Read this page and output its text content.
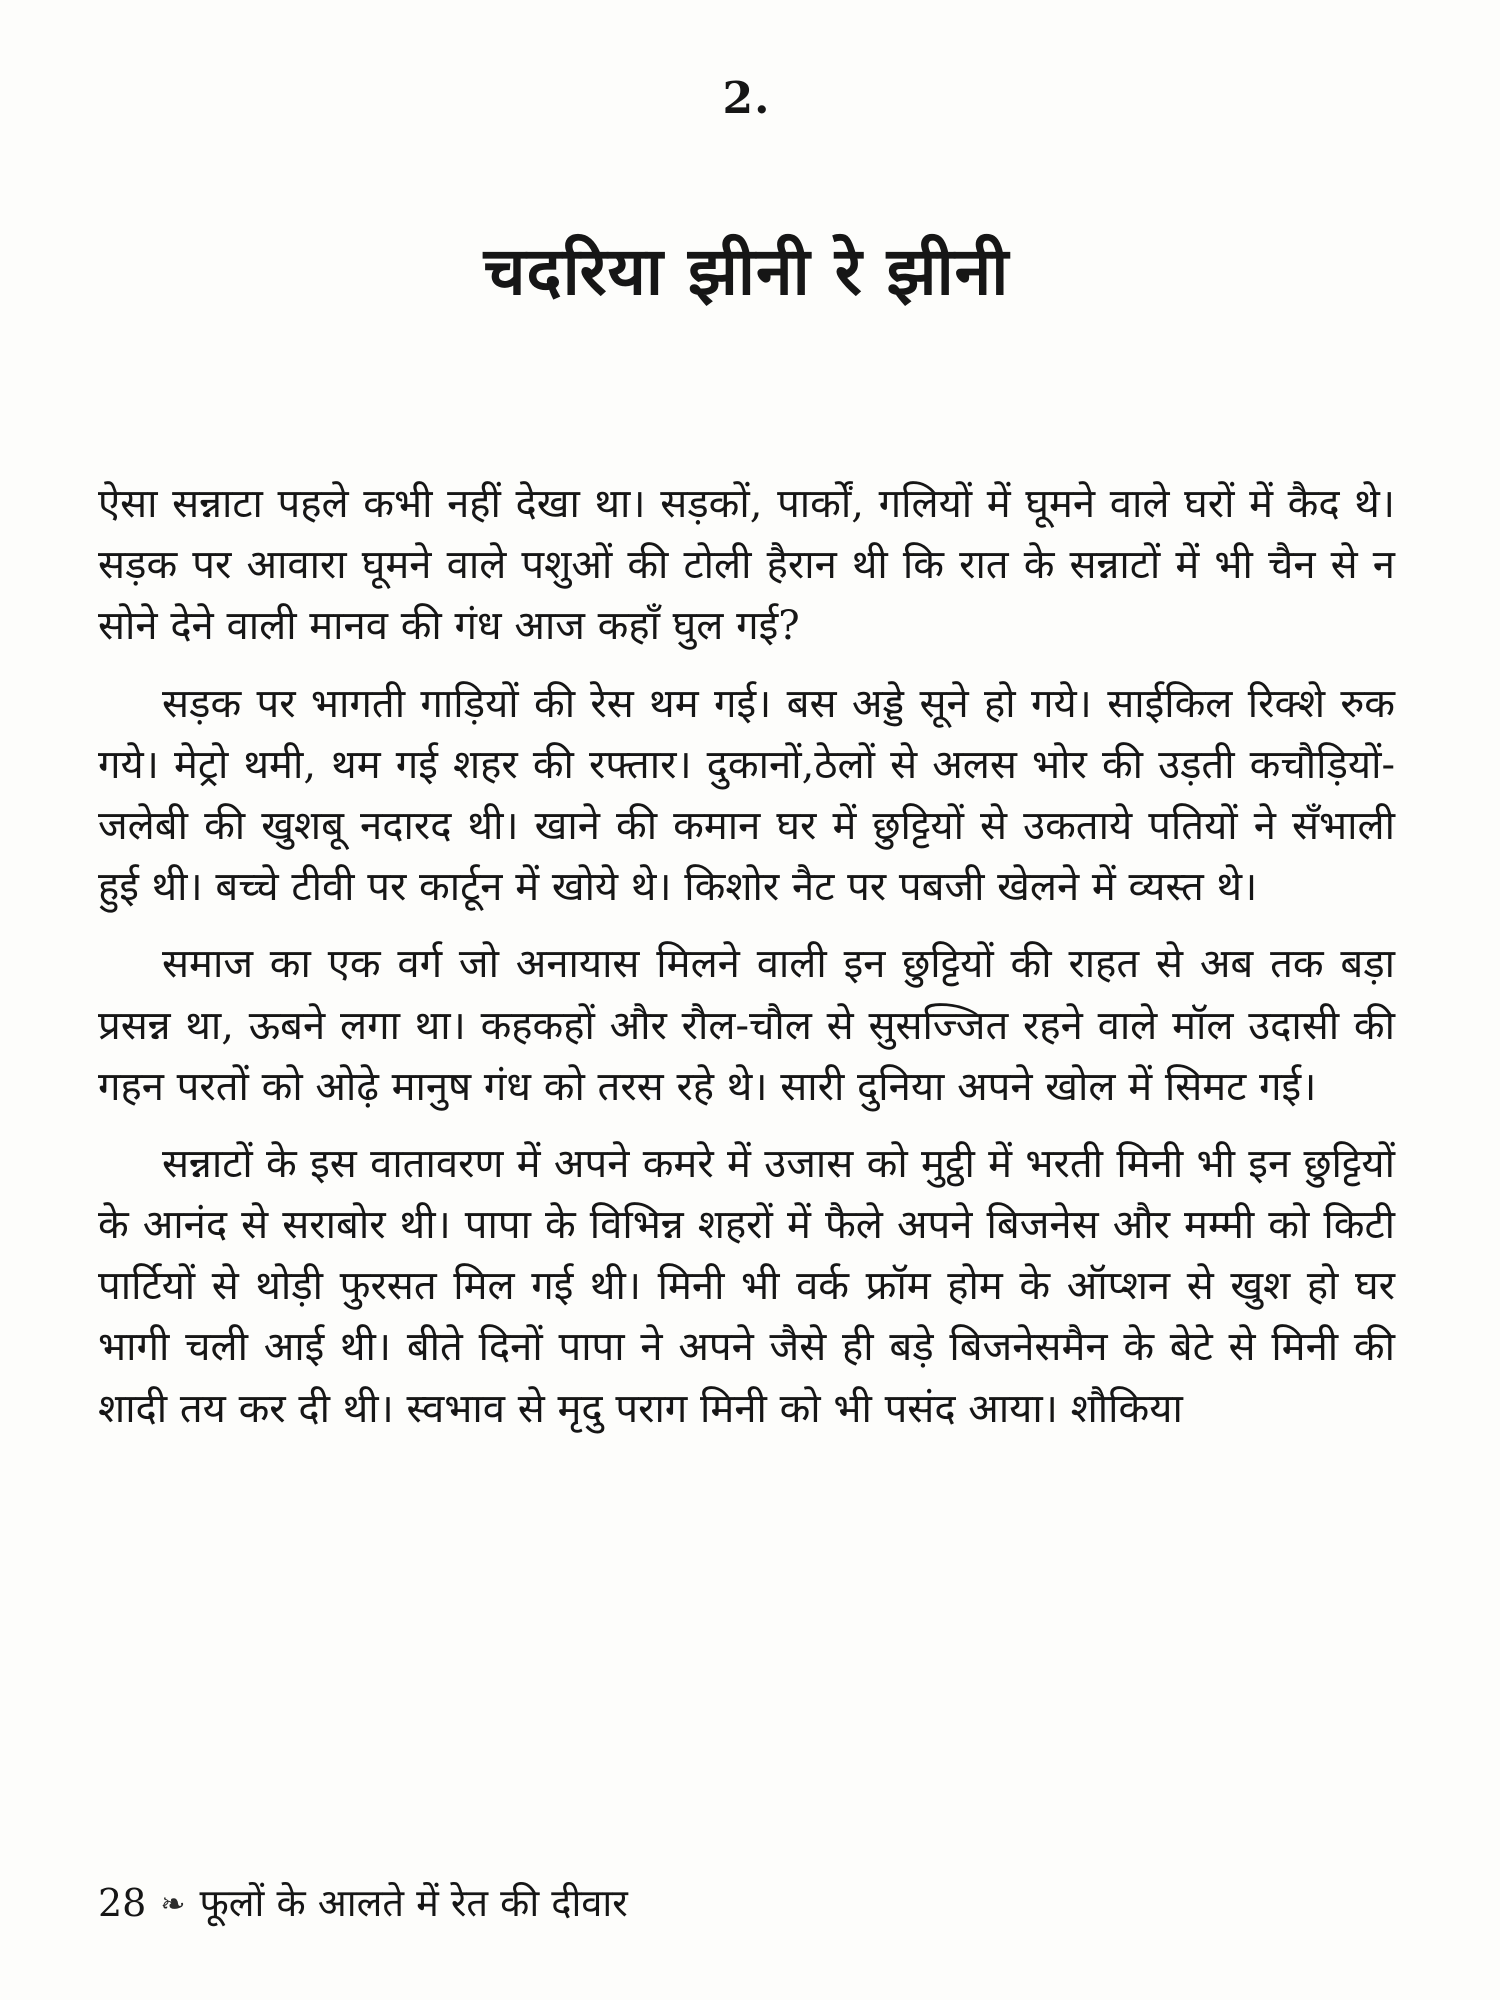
2.
चदरिया झीनी रे झीनी

ऐसा सन्नाटा पहले कभी नहीं देखा था। सड़कों, पार्कों, गलियों में घूमने वाले घरों में कैद थे। सड़क पर आवारा घूमने वाले पशुओं की टोली हैरान थी कि रात के सन्नाटों में भी चैन से न सोने देने वाली मानव की गंध आज कहाँ घुल गई?

सड़क पर भागती गाड़ियों की रेस थम गई। बस अड्डे सूने हो गये। साईकिल रिक्शे रुक गये। मेट्रो थमी, थम गई शहर की रफ्तार। दुकानों,ठेलों से अलस भोर की उड़ती कचौड़ियों-जलेबी की खुशबू नदारद थी। खाने की कमान घर में छुट्टियों से उकताये पतियों ने सँभाली हुई थी। बच्चे टीवी पर कार्टून में खोये थे। किशोर नैट पर पबजी खेलने में व्यस्त थे।

समाज का एक वर्ग जो अनायास मिलने वाली इन छुट्टियों की राहत से अब तक बड़ा प्रसन्न था, ऊबने लगा था। कहकहों और रौल-चौल से सुसज्जित रहने वाले मॉल उदासी की गहन परतों को ओढ़े मानुष गंध को तरस रहे थे। सारी दुनिया अपने खोल में सिमट गई।

सन्नाटों के इस वातावरण में अपने कमरे में उजास को मुट्ठी में भरती मिनी भी इन छुट्टियों के आनंद से सराबोर थी। पापा के विभिन्न शहरों में फैले अपने बिजनेस और मम्मी को किटी पार्टियों से थोड़ी फुरसत मिल गई थी। मिनी भी वर्क फ्रॉम होम के ऑप्शन से खुश हो घर भागी चली आई थी। बीते दिनों पापा ने अपने जैसे ही बड़े बिजनेसमैन के बेटे से मिनी की शादी तय कर दी थी। स्वभाव से मृदु पराग मिनी को भी पसंद आया। शौकिया

28 ❧ फूलों के आलते में रेत की दीवार
